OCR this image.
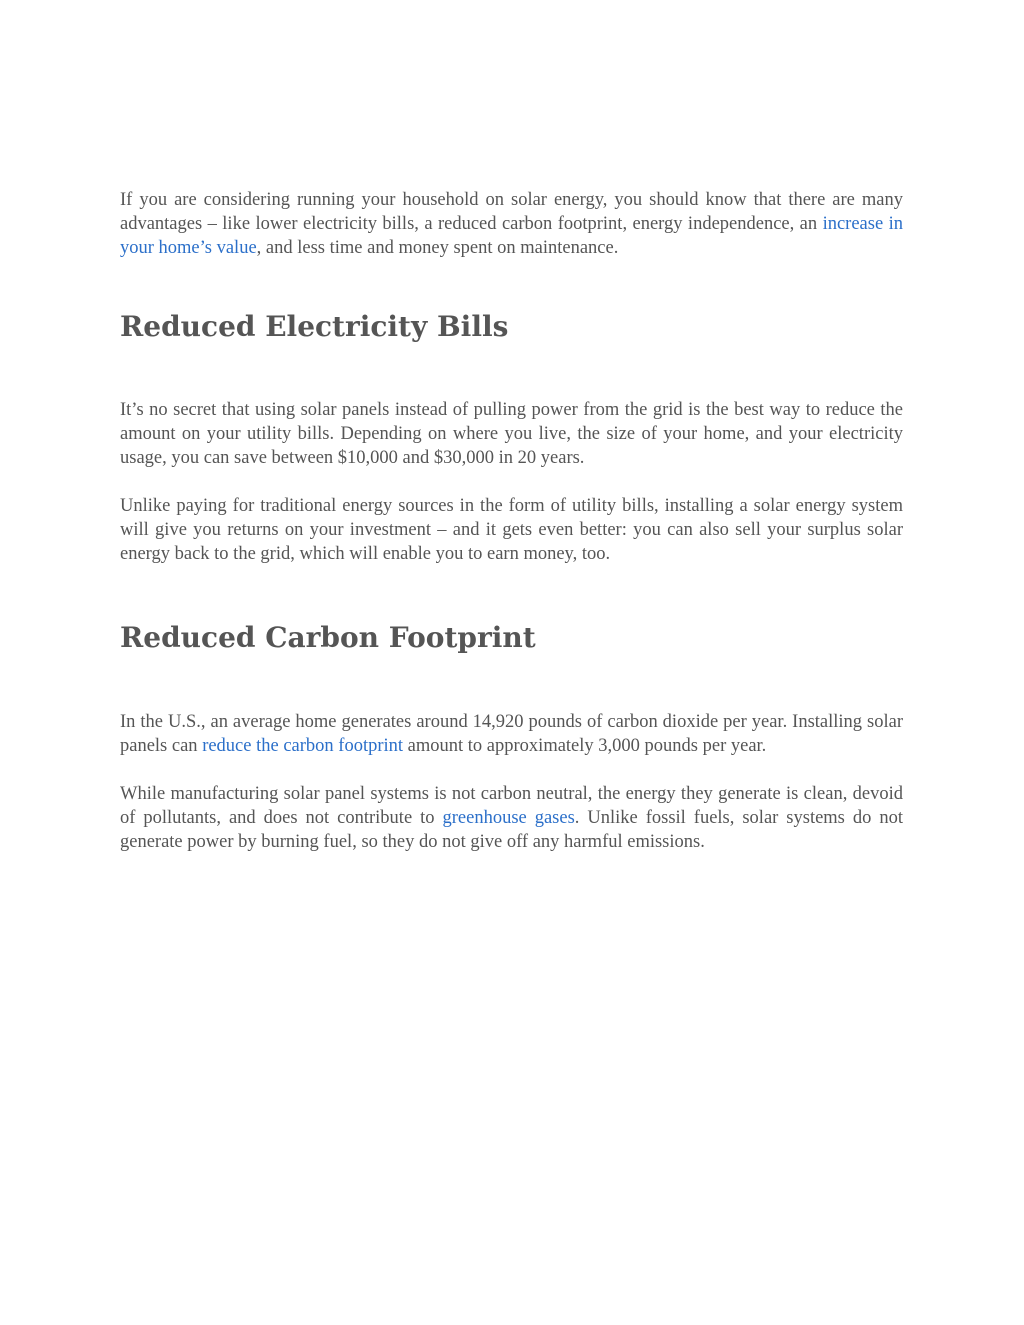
If you are considering running your household on solar energy, you should know that there are many advantages – like lower electricity bills, a reduced carbon footprint, energy independence, an increase in your home’s value, and less time and money spent on maintenance.

Reduced Electricity Bills

It’s no secret that using solar panels instead of pulling power from the grid is the best way to reduce the amount on your utility bills. Depending on where you live, the size of your home, and your electricity usage, you can save between $10,000 and $30,000 in 20 years.

Unlike paying for traditional energy sources in the form of utility bills, installing a solar energy system will give you returns on your investment – and it gets even better: you can also sell your surplus solar energy back to the grid, which will enable you to earn money, too.

Reduced Carbon Footprint

In the U.S., an average home generates around 14,920 pounds of carbon dioxide per year. Installing solar panels can reduce the carbon footprint amount to approximately 3,000 pounds per year.

While manufacturing solar panel systems is not carbon neutral, the energy they generate is clean, devoid of pollutants, and does not contribute to greenhouse gases. Unlike fossil fuels, solar systems do not generate power by burning fuel, so they do not give off any harmful emissions.
